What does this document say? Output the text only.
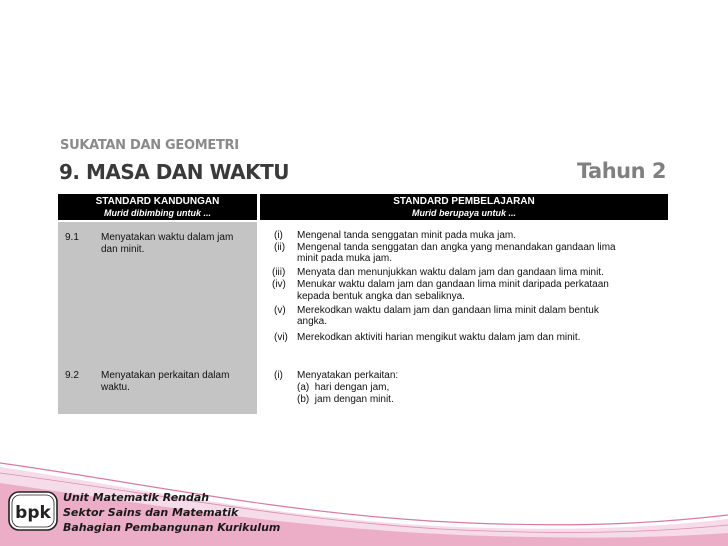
SUKATAN DAN GEOMETRI
9. MASA DAN WAKTU	Tahun 2
STANDARD KANDUNGAN
Murid dibimbing untuk ...
STANDARD PEMBELAJARAN
Murid berupaya untuk ...
9.1 Menyatakan waktu dalam jam
dan minit.
9.2 Menyatakan perkaitan dalam
waktu.
(i) Mengenal tanda senggatan minit pada muka jam.
(ii) Mengenal tanda senggatan dan angka yang menandakan gandaan lima
minit pada muka jam.
(iii) Menyata dan menunjukkan waktu dalam jam dan gandaan lima minit.
(iv) Menukar waktu dalam jam dan gandaan lima minit daripada perkataan
kepada bentuk angka dan sebaliknya.
(v) Merekodkan waktu dalam jam dan gandaan lima minit dalam bentuk
angka.
(vi) Merekodkan aktiviti harian mengikut waktu dalam jam dan minit.
(i) Menyatakan perkaitan:
(a) hari dengan jam,
(b) jam dengan minit.
bpk
Unit Matematik Rendah
Sektor Sains dan Matematik
Bahagian Pembangunan Kurikulum
